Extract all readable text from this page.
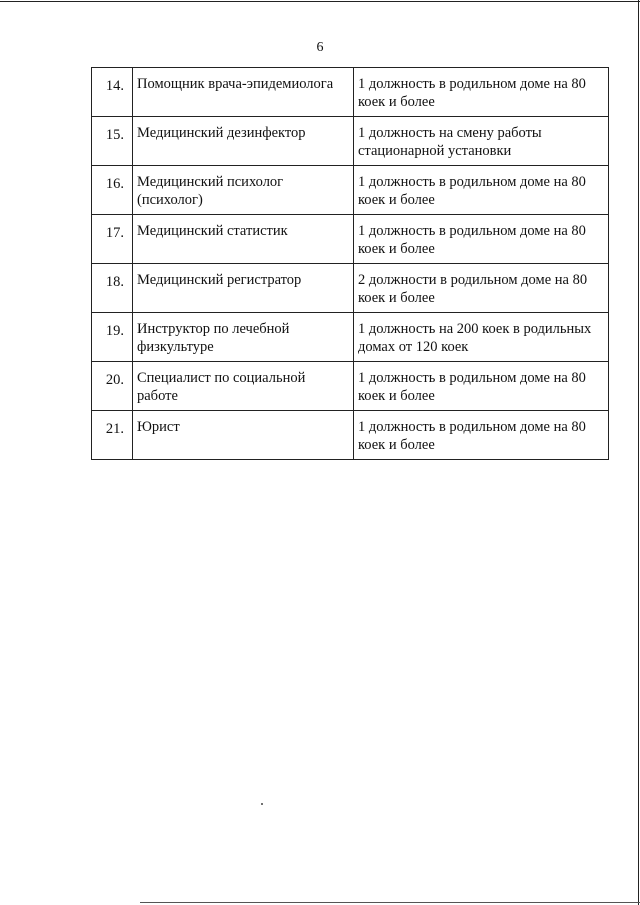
6
14.	Помощник врача-эпидемиолога	1 должность в родильном доме на 80 коек и более
15.	Медицинский дезинфектор	1 должность на смену работы стационарной установки
16.	Медицинский психолог (психолог)	1 должность в родильном доме на 80 коек и более
17.	Медицинский статистик	1 должность в родильном доме на 80 коек и более
18.	Медицинский регистратор	2 должности в родильном доме на 80 коек и более
19.	Инструктор по лечебной физкультуре	1 должность на 200 коек в родильных домах от 120 коек
20.	Специалист по социальной работе	1 должность в родильном доме на 80 коек и более
21.	Юрист	1 должность в родильном доме на 80 коек и более
